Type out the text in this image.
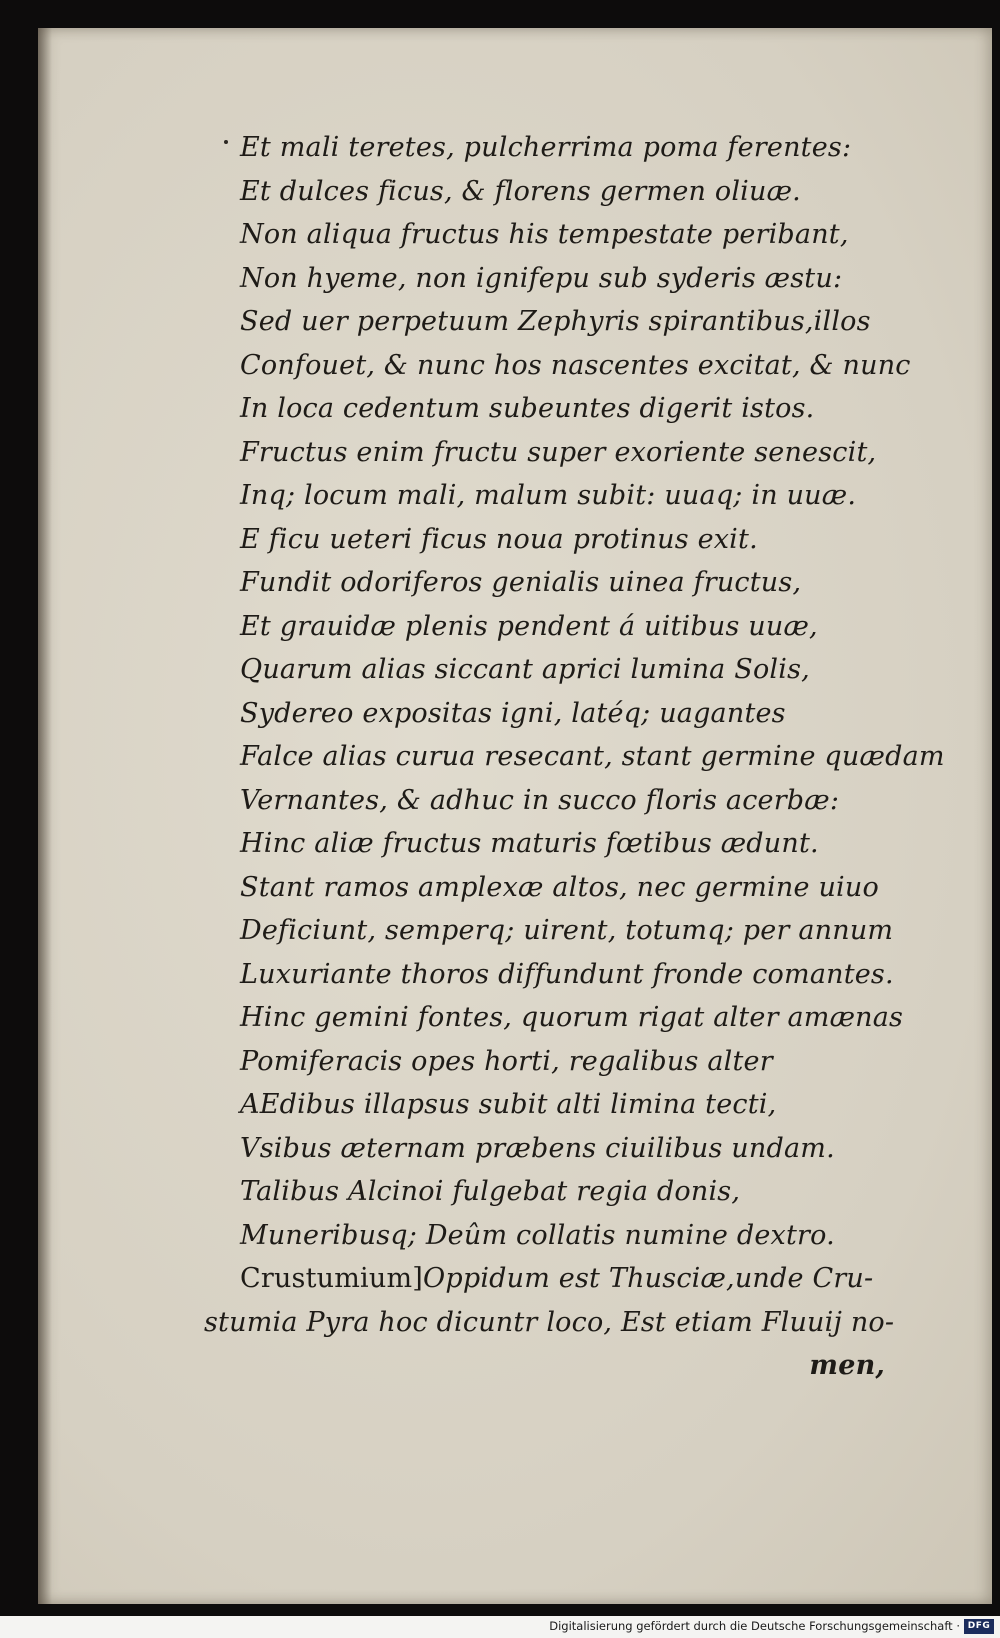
Et mali teretes, pulcherrima poma ferentes:
Et dulces ficus, & florens germen oliuæ.
Non aliqua fructus his tempestate peribant,
Non hyeme, non ignifери sub syderis æstu:
Sed uer perpetuum Zephyris spirantibus,illos
Confouet, & nunc hos nascentes excitat, & nunc
In loca cedentum subeuntes digerit istos.
Fructus enim fructu super exoriente senescit,
Inq; locum mali, malum subit: uuaq; in uuæ.
E ficu ueteri ficus noua protinus exit.
Fundit odoriferos genialis uinea fructus,
Et grauidæ plenis pendent á uitibus uuæ,
Quarum alias siccant aprici lumina Solis,
Sydereo expositas igni, latéq; uagantes
Falce alias curua resecant, stant germine quædam
Vernantes, & adhuc in succo floris acerbæ:
Hinc aliæ fructus maturis fœtibus ædunt.
Stant ramos amplexæ altos, nec germine uiuo
Deficiunt, semperq; uirent, totumq; per annum
Luxuriante thoros diffundunt fronde comantes.
Hinc gemini fontes, quorum rigat alter amænas
Pomiferacis opes horti, regalibus alter
AEdibus illapsus subit alti limina tecti,
Vsibus æternam præbens ciuilibus undam.
Talibus Alcinoi fulgebat regia donis,
Muneribusq; Deûm collatis numine dextro.
Crustumium]Oppidum est Thusciæ,unde Cru-
stumia Pyra hoc dicuntr loco, Est etiam Fluuij no-
men,
Digitalisierung gefördert durch die Deutsche Forschungsgemeinschaft · DFG
